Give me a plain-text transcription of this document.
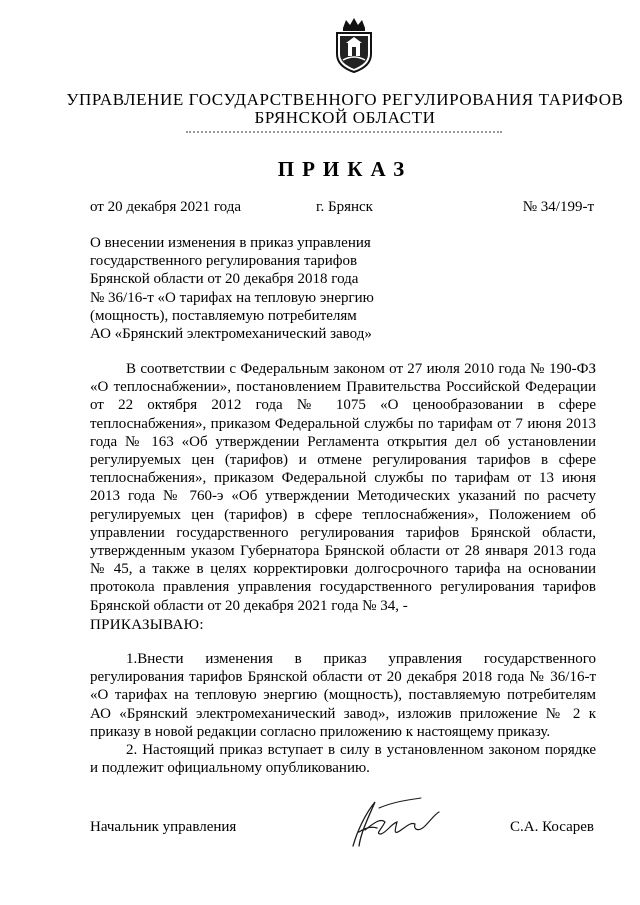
УПРАВЛЕНИЕ ГОСУДАРСТВЕННОГО РЕГУЛИРОВАНИЯ ТАРИФОВ
БРЯНСКОЙ ОБЛАСТИ
ПРИКАЗ
от 20 декабря 2021 года	г. Брянск	№ 34/199-т
О внесении изменения в приказ управления
государственного регулирования тарифов
Брянской области от 20 декабря 2018 года
№ 36/16-т «О тарифах на тепловую энергию
(мощность), поставляемую потребителям
АО «Брянский электромеханический завод»

В соответствии с Федеральным законом от 27 июля 2010 года № 190-ФЗ «О теплоснабжении», постановлением Правительства Российской Федерации от 22 октября 2012 года № 1075 «О ценообразовании в сфере теплоснабжения», приказом Федеральной службы по тарифам от 7 июня 2013 года № 163 «Об утверждении Регламента открытия дел об установлении регулируемых цен (тарифов) и отмене регулирования тарифов в сфере теплоснабжения», приказом Федеральной службы по тарифам от 13 июня 2013 года № 760-э «Об утверждении Методических указаний по расчету регулируемых цен (тарифов) в сфере теплоснабжения», Положением об управлении государственного регулирования тарифов Брянской области, утвержденным указом Губернатора Брянской области от 28 января 2013 года № 45, а также в целях корректировки долгосрочного тарифа на основании протокола правления управления государственного регулирования тарифов Брянской области от 20 декабря 2021 года № 34, -

ПРИКАЗЫВАЮ:

1.Внести изменения в приказ управления государственного регулирования тарифов Брянской области от 20 декабря 2018 года № 36/16-т «О тарифах на тепловую энергию (мощность), поставляемую потребителям АО «Брянский электромеханический завод», изложив приложение № 2 к приказу в новой редакции согласно приложению к настоящему приказу.

2. Настоящий приказ вступает в силу в установленном законом порядке и подлежит официальному опубликованию.

Начальник управления	С.А. Косарев
